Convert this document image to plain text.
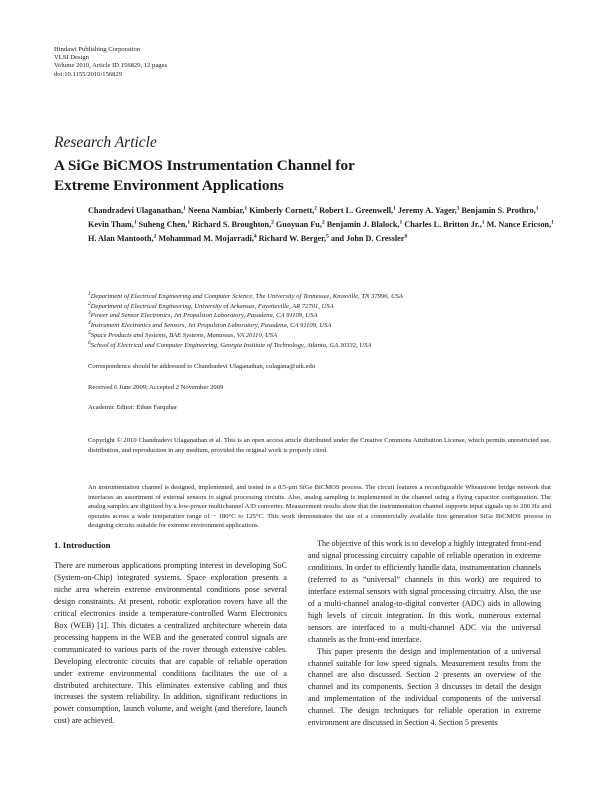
Hindawi Publishing Corporation
VLSI Design
Volume 2010, Article ID 156829, 12 pages
doi:10.1155/2010/156829
Research Article
A SiGe BiCMOS Instrumentation Channel for
Extreme Environment Applications
Chandradevi Ulaganathan,$^1$ Neena Nambiar,$^1$ Kimberly Cornett,$^2$ Robert L. Greenwell,$^1$ Jeremy A. Yager,$^3$ Benjamin S. Prothro,$^1$ Kevin Tham,$^1$ Suheng Chen,$^1$ Richard S. Broughton,$^2$ Guoyuan Fu,$^2$ Benjamin J. Blalock,$^1$ Charles L. Britton Jr.,$^1$ M. Nance Ericson,$^1$ H. Alan Mantooth,$^2$ Mohammad M. Mojarradi,$^4$ Richard W. Berger,$^5$ and John D. Cressler$^6$
$^1$Department of Electrical Engineering and Computer Science, The University of Tennessee, Knoxville, TN 37996, USA
$^2$Department of Electrical Engineering, University of Arkansas, Fayetteville, AR 72701, USA
$^3$Power and Sensor Electronics, Jet Propulsion Laboratory, Pasadena, CA 91109, USA
$^4$Instrument Electronics and Sensors, Jet Propulsion Laboratory, Pasadena, CA 91109, USA
$^5$Space Products and Systems, BAE Systems, Manassas, VA 20110, USA
$^6$School of Electrical and Computer Engineering, Georgia Institute of Technology, Atlanta, GA 30332, USA
Correspondence should be addressed to Chandradevi Ulaganathan, culagana@utk.edu
Received 6 June 2009; Accepted 2 November 2009
Academic Editor: Ethan Farquhar
Copyright © 2010 Chandradevi Ulaganathan et al. This is an open access article distributed under the Creative Commons Attribution License, which permits unrestricted use, distribution, and reproduction in any medium, provided the original work is properly cited.
An instrumentation channel is designed, implemented, and tested in a 0.5-μm SiGe BiCMOS process. The circuit features a reconfigurable Wheatstone bridge network that interfaces an assortment of external sensors to signal processing circuits. Also, analog sampling is implemented in the channel using a flying capacitor configuration. The analog samples are digitized by a low-power multichannel A/D converter. Measurement results show that the instrumentation channel supports input signals up to 200 Hz and operates across a wide temperature range of − 180°C to 125°C. This work demonstrates the use of a commercially available first generation SiGe BiCMOS process in designing circuits suitable for extreme environment applications.
1. Introduction

There are numerous applications prompting interest in developing SoC (System-on-Chip) integrated systems. Space exploration presents a niche area wherein extreme environmental conditions pose several design constraints. At present, robotic exploration rovers have all the critical electronics inside a temperature-controlled Warm Electronics Box (WEB) [1]. This dictates a centralized architecture wherein data processing happens in the WEB and the generated control signals are communicated to various parts of the rover through extensive cables. Developing electronic circuits that are capable of reliable operation under extreme environmental conditions facilitates the use of a distributed architecture. This eliminates extensive cabling and thus increases the system reliability. In addition, significant reductions in power consumption, launch volume, and weight (and therefore, launch cost) are achieved.

The objective of this work is to develop a highly integrated front-end and signal processing circuitry capable of reliable operation in extreme conditions. In order to efficiently handle data, instrumentation channels (referred to as “universal” channels in this work) are required to interface external sensors with signal processing circuitry. Also, the use of a multi-channel analog-to-digital converter (ADC) aids in allowing high levels of circuit integration. In this work, numerous external sensors are interfaced to a multi-channel ADC via the universal channels as the front-end interface.

This paper presents the design and implementation of a universal channel suitable for low speed signals. Measurement results from the channel are also discussed. Section 2 presents an overview of the channel and its components. Section 3 discusses in detail the design and implementation of the individual components of the universal channel. The design techniques for reliable operation in extreme environment are discussed in Section 4. Section 5 presents
